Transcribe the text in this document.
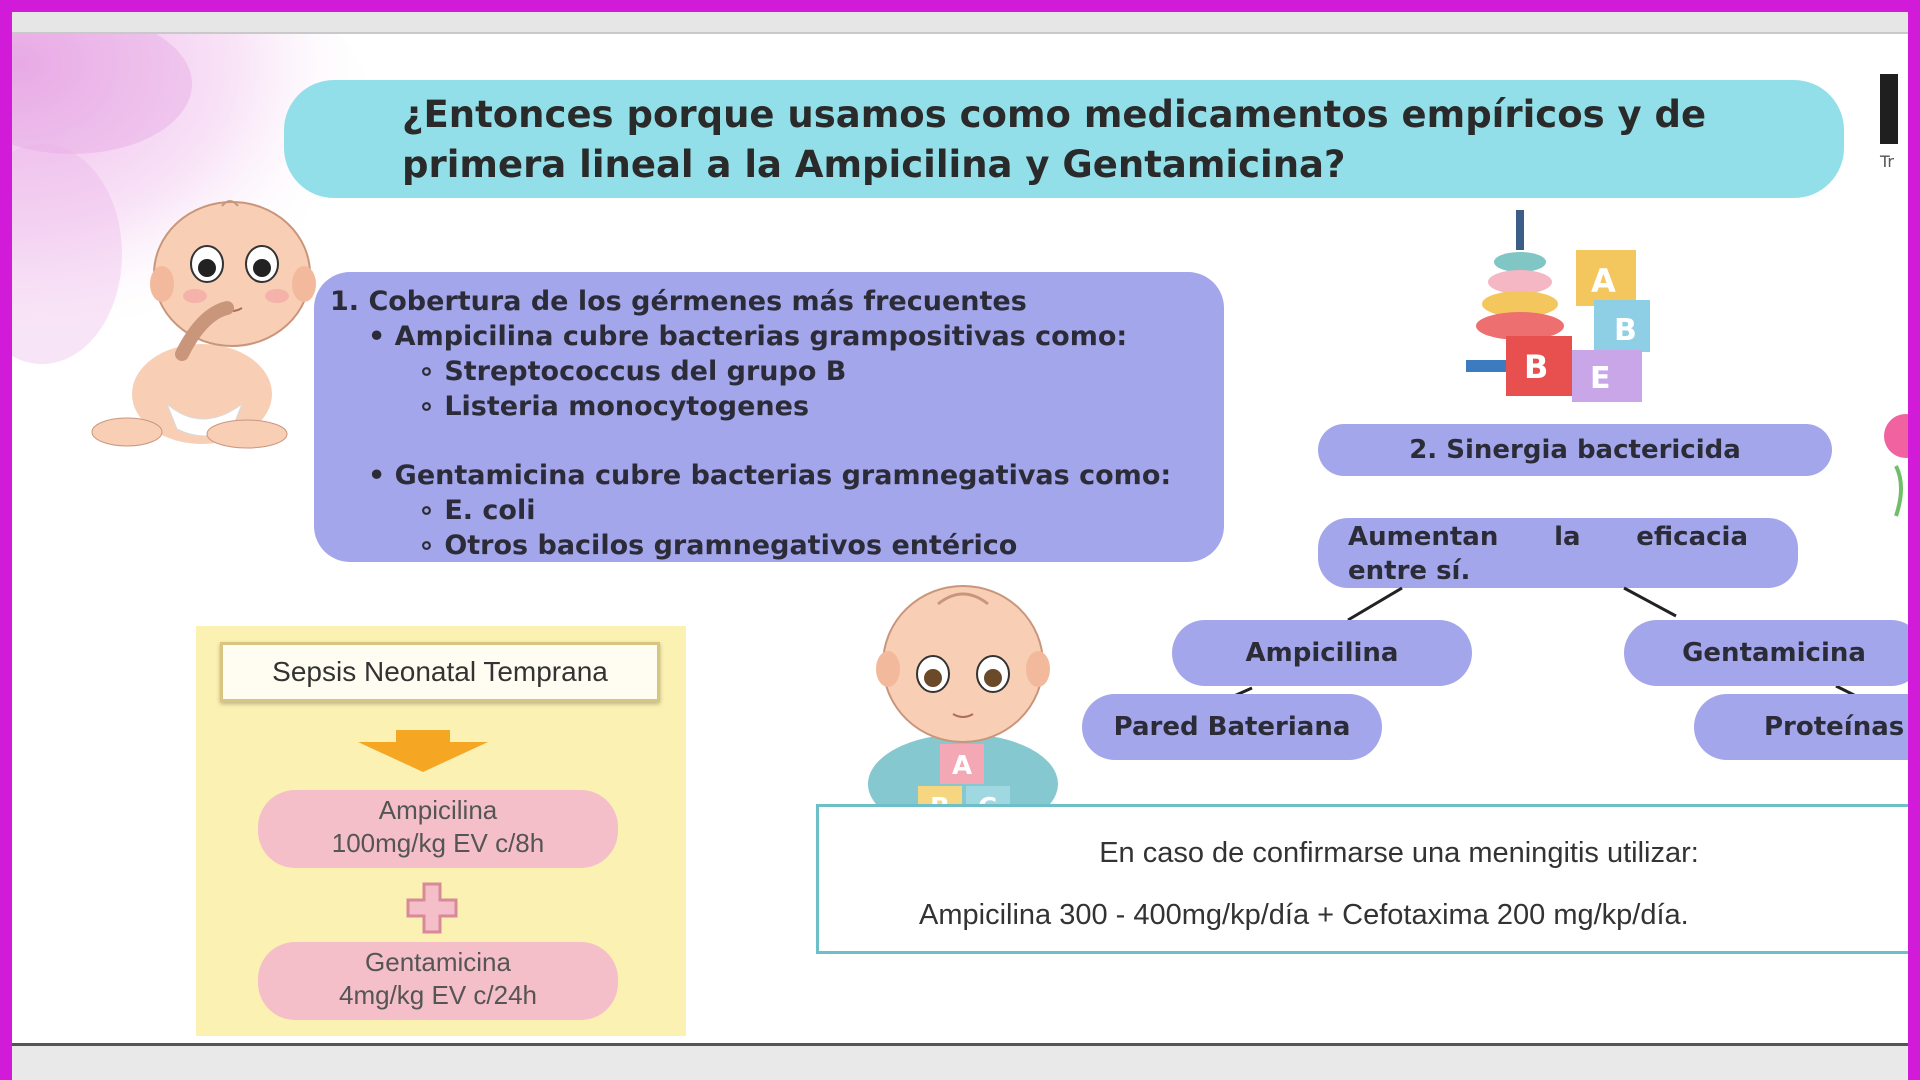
Tr
¿Entonces porque usamos como medicamentos empíricos y de primera lineal a la Ampicilina y Gentamicina?
1. Cobertura de los gérmenes más frecuentes
• Ampicilina cubre bacterias grampositivas como:
∘ Streptococcus del grupo B
∘ Listeria monocytogenes
• Gentamicina cubre bacterias gramnegativas como:
∘ E. coli
∘ Otros bacilos gramnegativos entérico
A
B
B E
2. Sinergia bactericida
Aumentan la eficacia
entre sí.
Ampicilina	Gentamicina
Pared Bateriana	Proteínas
Sepsis Neonatal Temprana
Ampicilina
100mg/kg EV c/8h
Gentamicina
4mg/kg EV c/24h
A
En caso de confirmarse una meningitis utilizar:
Ampicilina 300 - 400mg/kp/día + Cefotaxima 200 mg/kp/día.
